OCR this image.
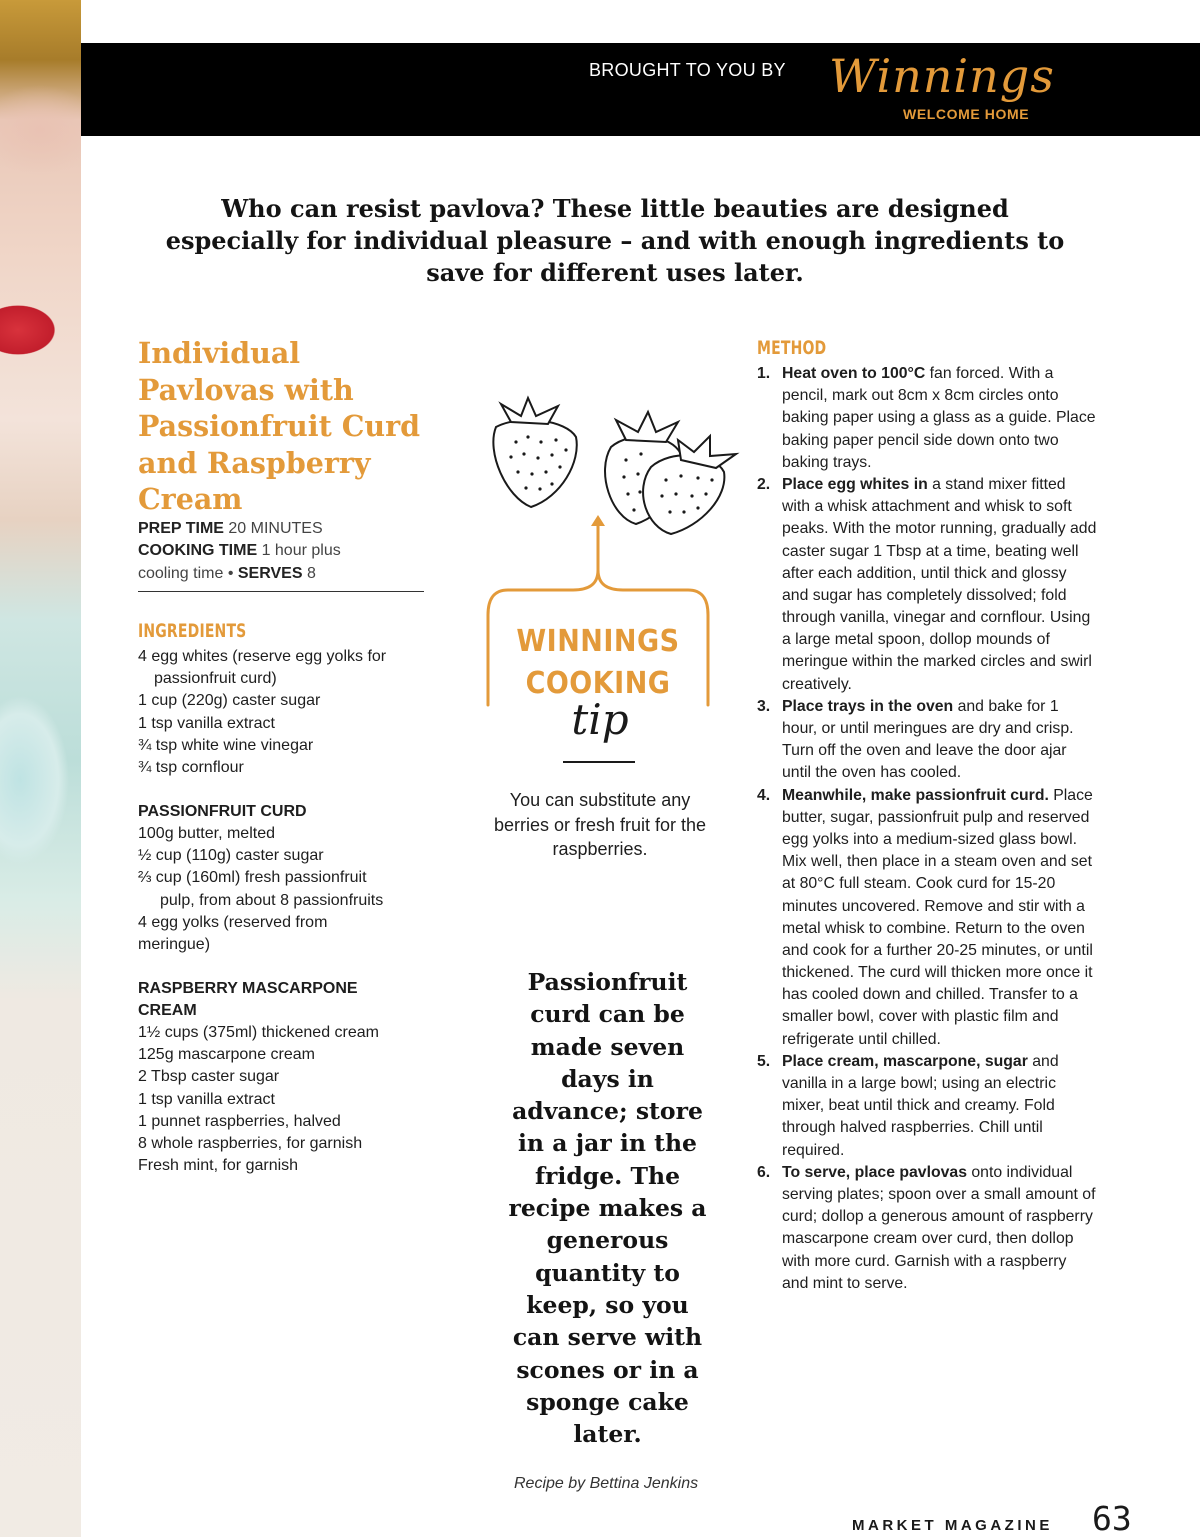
BROUGHT TO YOU BY Winnings
WELCOME HOME

Who can resist pavlova? These little beauties are designed especially for individual pleasure – and with enough ingredients to save for different uses later.

Individual
Pavlovas with
Passionfruit Curd
and Raspberry
Cream
PREP TIME 20 MINUTES
COOKING TIME 1 hour plus
cooling time • SERVES 8
INGREDIENTS
4 egg whites (reserve egg yolks for
passionfruit curd)
1 cup (220g) caster sugar
1 tsp vanilla extract
¾ tsp white wine vinegar
¾ tsp cornflour
PASSIONFRUIT CURD
100g butter, melted
½ cup (110g) caster sugar
⅔ cup (160ml) fresh passionfruit
pulp, from about 8 passionfruits
4 egg yolks (reserved from
meringue)
RASPBERRY MASCARPONE
CREAM
1½ cups (375ml) thickened cream
125g mascarpone cream
2 Tbsp caster sugar
1 tsp vanilla extract
1 punnet raspberries, halved
8 whole raspberries, for garnish
Fresh mint, for garnish
WINNINGS
COOKING
tip

You can substitute any berries or fresh fruit for the raspberries.

Passionfruit curd can be made seven days in advance; store in a jar in the fridge. The recipe makes a generous quantity to keep, so you can serve with scones or in a sponge cake later.

METHOD
1. Heat oven to 100°C fan forced. With a pencil, mark out 8cm x 8cm circles onto baking paper using a glass as a guide. Place baking paper pencil side down onto two baking trays.
2. Place egg whites in a stand mixer fitted with a whisk attachment and whisk to soft peaks. With the motor running, gradually add caster sugar 1 Tbsp at a time, beating well after each addition, until thick and glossy and sugar has completely dissolved; fold through vanilla, vinegar and cornflour. Using a large metal spoon, dollop mounds of meringue within the marked circles and swirl creatively.
3. Place trays in the oven and bake for 1 hour, or until meringues are dry and crisp. Turn off the oven and leave the door ajar until the oven has cooled.
4. Meanwhile, make passionfruit curd. Place butter, sugar, passionfruit pulp and reserved egg yolks into a medium-sized glass bowl. Mix well, then place in a steam oven and set at 80°C full steam. Cook curd for 15-20 minutes uncovered. Remove and stir with a metal whisk to combine. Return to the oven and cook for a further 20-25 minutes, or until thickened. The curd will thicken more once it has cooled down and chilled. Transfer to a smaller bowl, cover with plastic film and refrigerate until chilled.
5. Place cream, mascarpone, sugar and vanilla in a large bowl; using an electric mixer, beat until thick and creamy. Fold through halved raspberries. Chill until required.
6. To serve, place pavlovas onto individual serving plates; spoon over a small amount of curd; dollop a generous amount of raspberry mascarpone cream over curd, then dollop with more curd. Garnish with a raspberry and mint to serve.
Recipe by Bettina Jenkins
MARKET MAGAZINE 63
